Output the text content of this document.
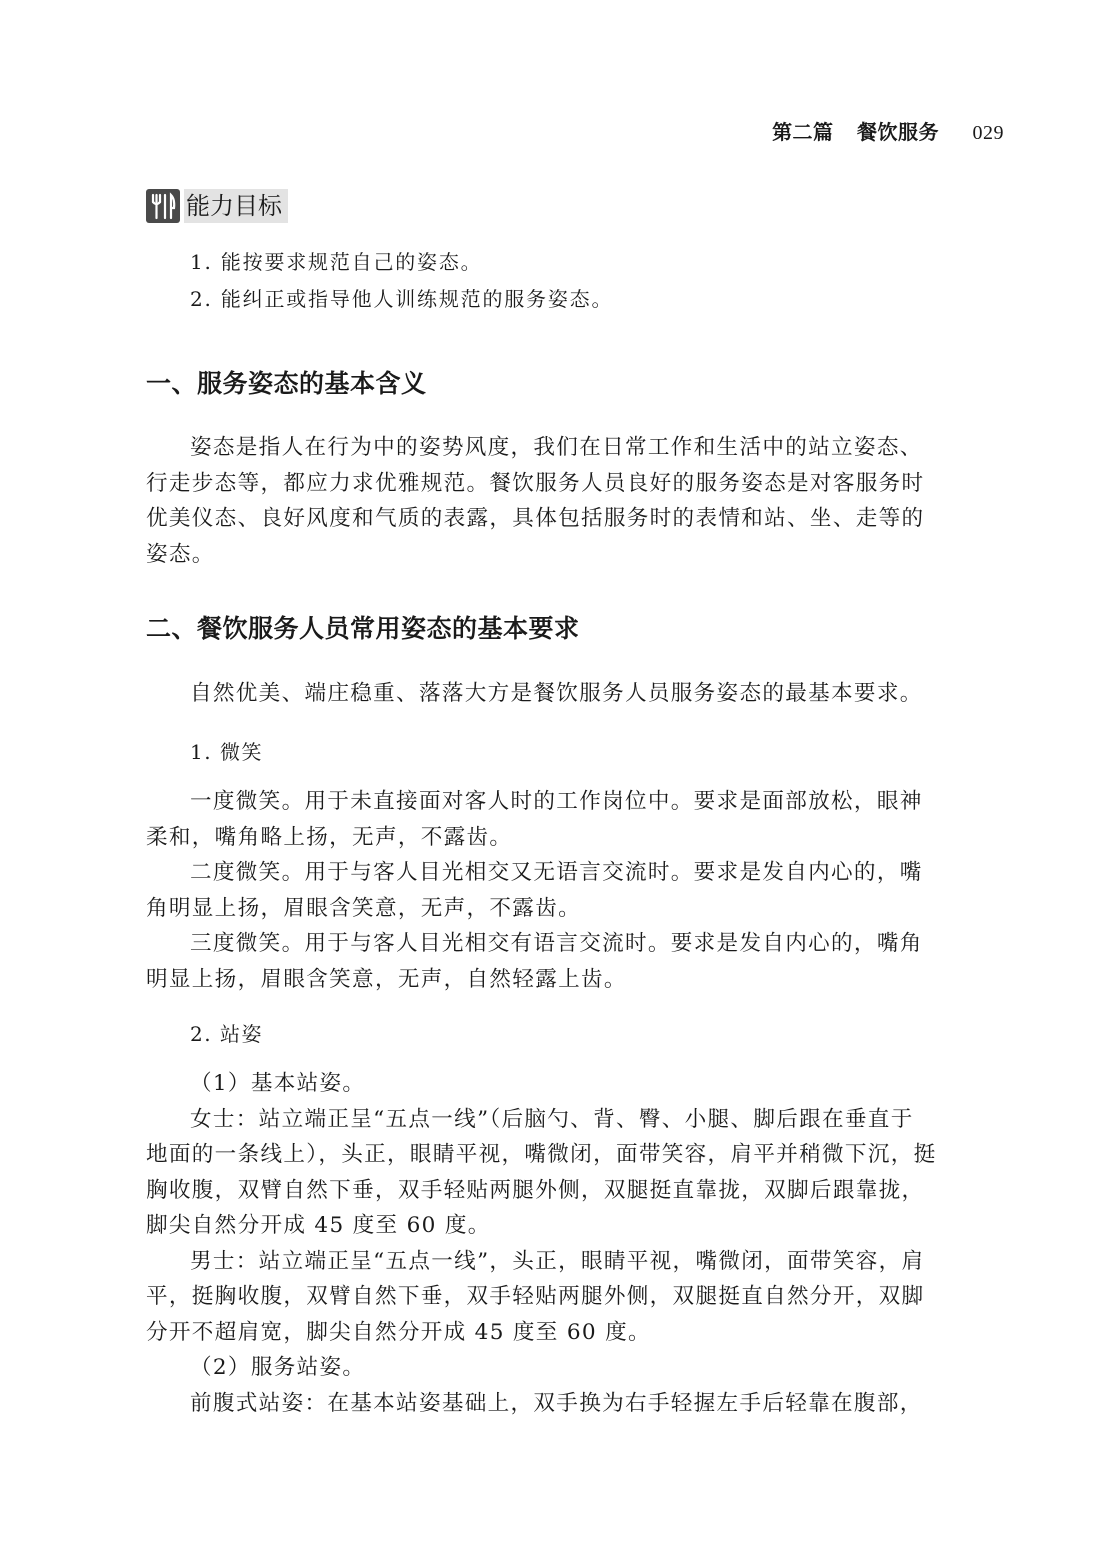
第二篇 餐饮服务 029
能力目标
1. 能按要求规范自己的姿态。
2. 能纠正或指导他人训练规范的服务姿态。
一、服务姿态的基本含义
姿态是指人在行为中的姿势风度，我们在日常工作和生活中的站立姿态、
行走步态等，都应力求优雅规范。餐饮服务人员良好的服务姿态是对客服务时
优美仪态、良好风度和气质的表露，具体包括服务时的表情和站、坐、走等的
姿态。
二、餐饮服务人员常用姿态的基本要求
自然优美、端庄稳重、落落大方是餐饮服务人员服务姿态的最基本要求。
1. 微笑
一度微笑。用于未直接面对客人时的工作岗位中。要求是面部放松，眼神
柔和，嘴角略上扬，无声，不露齿。
二度微笑。用于与客人目光相交又无语言交流时。要求是发自内心的，嘴
角明显上扬，眉眼含笑意，无声，不露齿。
三度微笑。用于与客人目光相交有语言交流时。要求是发自内心的，嘴角
明显上扬，眉眼含笑意，无声，自然轻露上齿。
2. 站姿
（1）基本站姿。
女士：站立端正呈“五点一线”（后脑勺、背、臀、小腿、脚后跟在垂直于
地面的一条线上），头正，眼睛平视，嘴微闭，面带笑容，肩平并稍微下沉，挺
胸收腹，双臂自然下垂，双手轻贴两腿外侧，双腿挺直靠拢，双脚后跟靠拢，
脚尖自然分开成 45 度至 60 度。
男士：站立端正呈“五点一线”，头正，眼睛平视，嘴微闭，面带笑容，肩
平，挺胸收腹，双臂自然下垂，双手轻贴两腿外侧，双腿挺直自然分开，双脚
分开不超肩宽，脚尖自然分开成 45 度至 60 度。
（2）服务站姿。
前腹式站姿：在基本站姿基础上，双手换为右手轻握左手后轻靠在腹部，
